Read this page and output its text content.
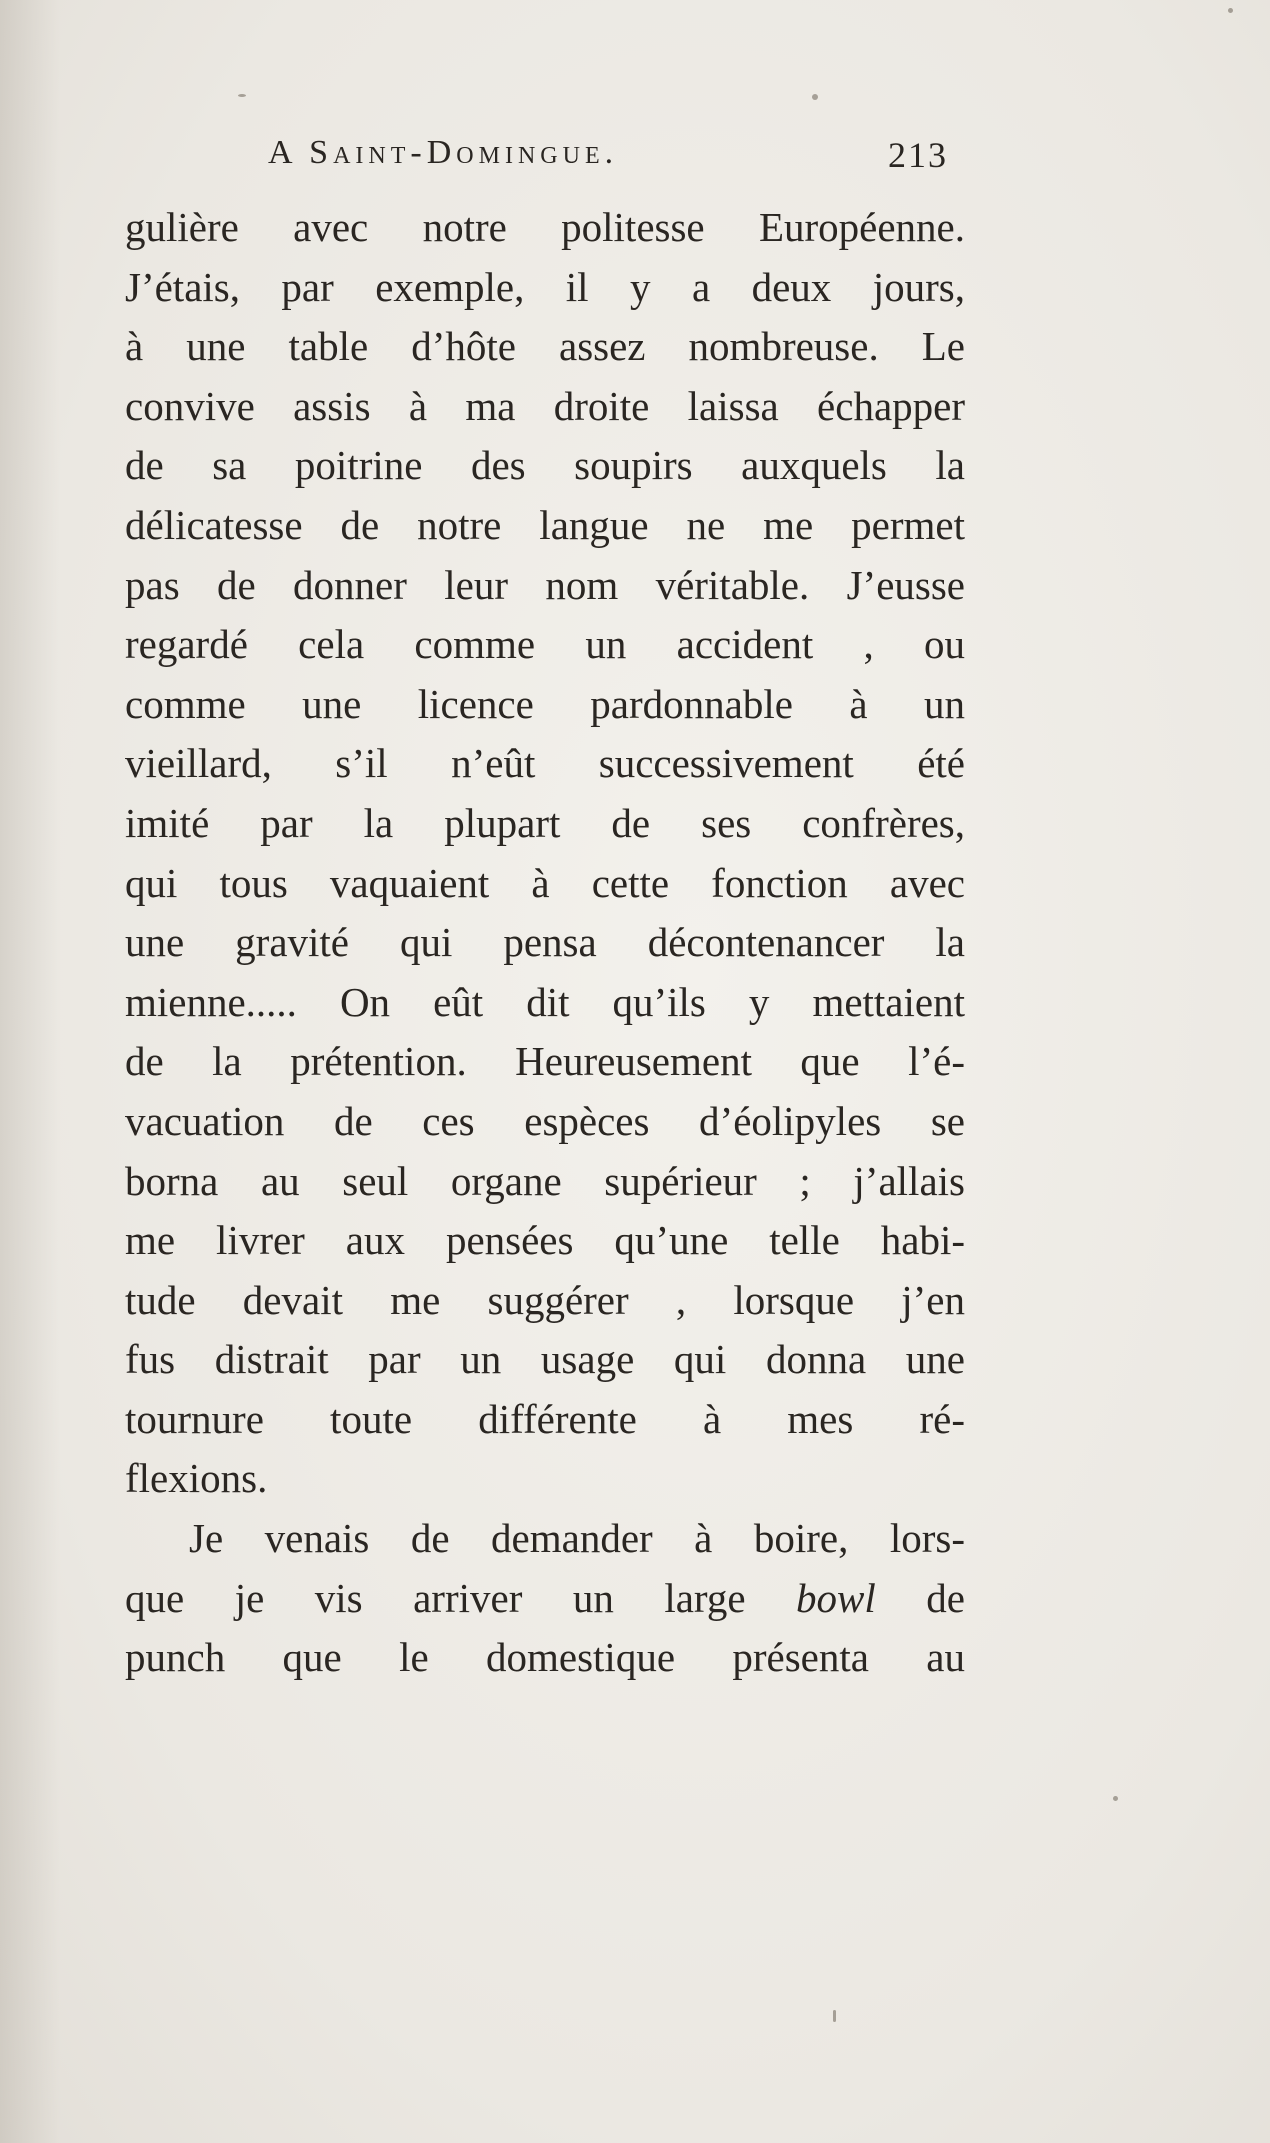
A Saint-Domingue.	213
gulière avec notre politesse Européenne.
J’étais, par exemple, il y a deux jours,
à une table d’hôte assez nombreuse. Le
convive assis à ma droite laissa échapper
de sa poitrine des soupirs auxquels la
délicatesse de notre langue ne me permet
pas de donner leur nom véritable. J’eusse
regardé cela comme un accident , ou
comme une licence pardonnable à un
vieillard, s’il n’eût successivement été
imité par la plupart de ses confrères,
qui tous vaquaient à cette fonction avec
une gravité qui pensa décontenancer la
mienne..... On eût dit qu’ils y mettaient
de la prétention. Heureusement que l’é-
vacuation de ces espèces d’éolipyles se
borna au seul organe supérieur ; j’allais
me livrer aux pensées qu’une telle habi-
tude devait me suggérer , lorsque j’en
fus distrait par un usage qui donna une
tournure toute différente à mes ré-
flexions.
Je venais de demander à boire, lors-
que je vis arriver un large bowl de
punch que le domestique présenta au
